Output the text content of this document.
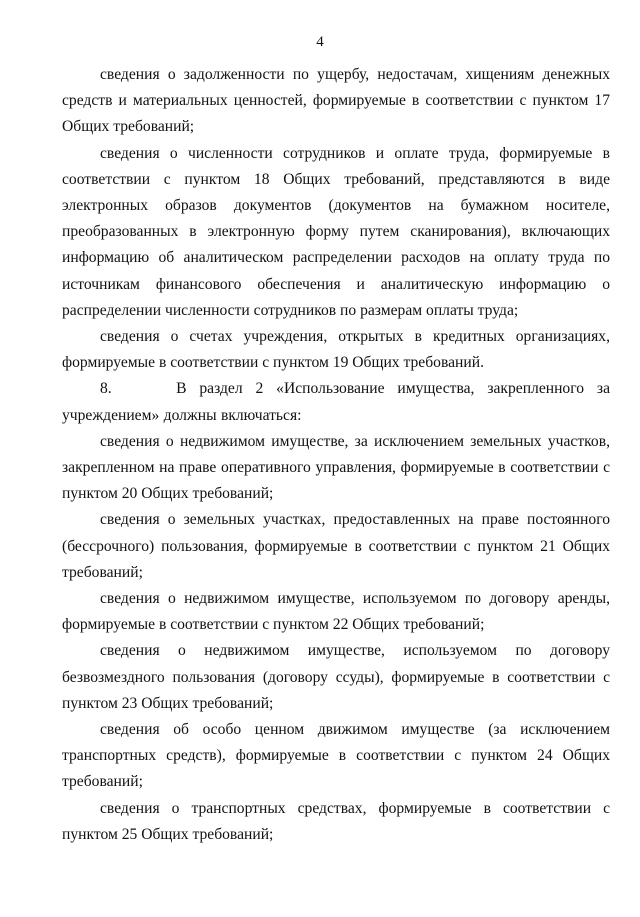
4

сведения о задолженности по ущербу, недостачам, хищениям денежных средств и материальных ценностей, формируемые в соответствии с пунктом 17 Общих требований;

сведения о численности сотрудников и оплате труда, формируемые в соответствии с пунктом 18 Общих требований, представляются в виде электронных образов документов (документов на бумажном носителе, преобразованных в электронную форму путем сканирования), включающих информацию об аналитическом распределении расходов на оплату труда по источникам финансового обеспечения и аналитическую информацию о распределении численности сотрудников по размерам оплаты труда;

сведения о счетах учреждения, открытых в кредитных организациях, формируемые в соответствии с пунктом 19 Общих требований.

8.     В раздел 2 «Использование имущества, закрепленного за учреждением» должны включаться:

сведения о недвижимом имуществе, за исключением земельных участков, закрепленном на праве оперативного управления, формируемые в соответствии с пунктом 20 Общих требований;

сведения о земельных участках, предоставленных на праве постоянного (бессрочного) пользования, формируемые в соответствии с пунктом 21 Общих требований;

сведения о недвижимом имуществе, используемом по договору аренды, формируемые в соответствии с пунктом 22 Общих требований;

сведения о недвижимом имуществе, используемом по договору безвозмездного пользования (договору ссуды), формируемые в соответствии с пунктом 23 Общих требований;

сведения об особо ценном движимом имуществе (за исключением транспортных средств), формируемые в соответствии с пунктом 24 Общих требований;

сведения о транспортных средствах, формируемые в соответствии с пунктом 25 Общих требований;
